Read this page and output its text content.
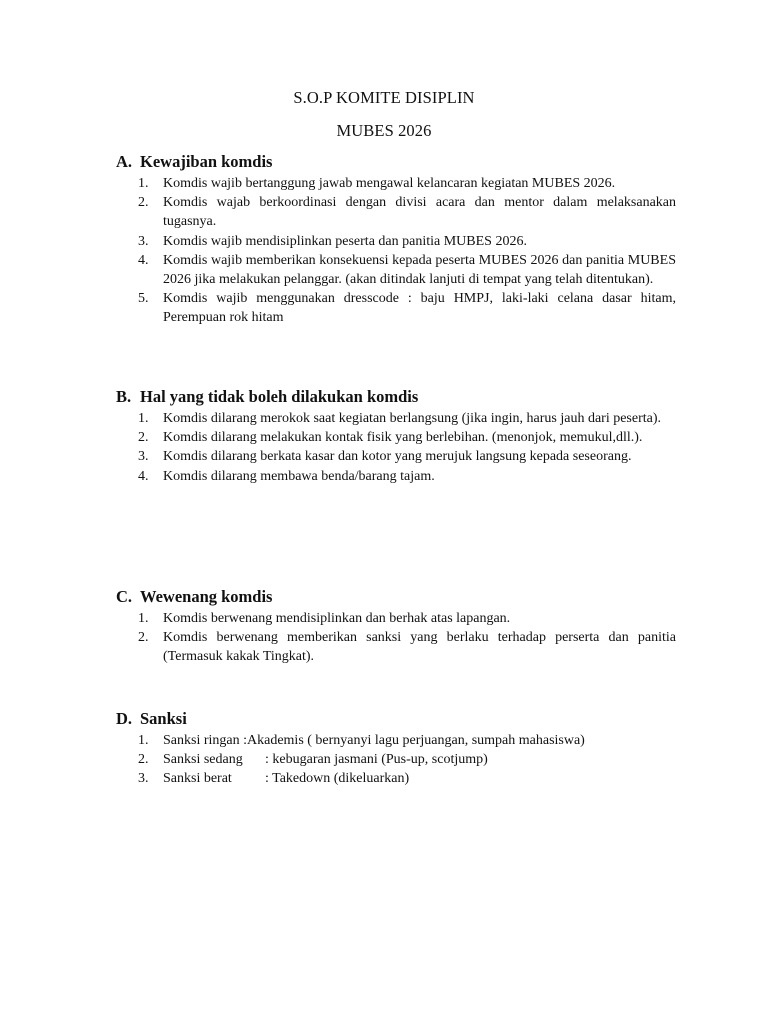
S.O.P KOMITE DISIPLIN
MUBES 2026
A. Kewajiban komdis
1. Komdis wajib bertanggung jawab mengawal kelancaran kegiatan MUBES 2026.
2. Komdis wajab berkoordinasi dengan divisi acara dan mentor dalam melaksanakan tugasnya.
3. Komdis wajib mendisiplinkan peserta dan panitia MUBES 2026.
4. Komdis wajib memberikan konsekuensi kepada peserta MUBES 2026 dan panitia MUBES 2026 jika melakukan pelanggar. (akan ditindak lanjuti di tempat yang telah ditentukan).
5. Komdis wajib menggunakan dresscode : baju HMPJ, laki-laki celana dasar hitam, Perempuan rok hitam
B. Hal yang tidak boleh dilakukan komdis
1. Komdis dilarang merokok saat kegiatan berlangsung (jika ingin, harus jauh dari peserta).
2. Komdis dilarang melakukan kontak fisik yang berlebihan. (menonjok, memukul,dll.).
3. Komdis dilarang berkata kasar dan kotor yang merujuk langsung kepada seseorang.
4. Komdis dilarang membawa benda/barang tajam.
C. Wewenang komdis
1. Komdis berwenang mendisiplinkan dan berhak atas lapangan.
2. Komdis berwenang memberikan sanksi yang berlaku terhadap perserta dan panitia (Termasuk kakak Tingkat).
D. Sanksi
1. Sanksi ringan :Akademis ( bernyanyi lagu perjuangan, sumpah mahasiswa)
2. Sanksi sedang : kebugaran jasmani (Pus-up, scotjump)
3. Sanksi berat : Takedown (dikeluarkan)
